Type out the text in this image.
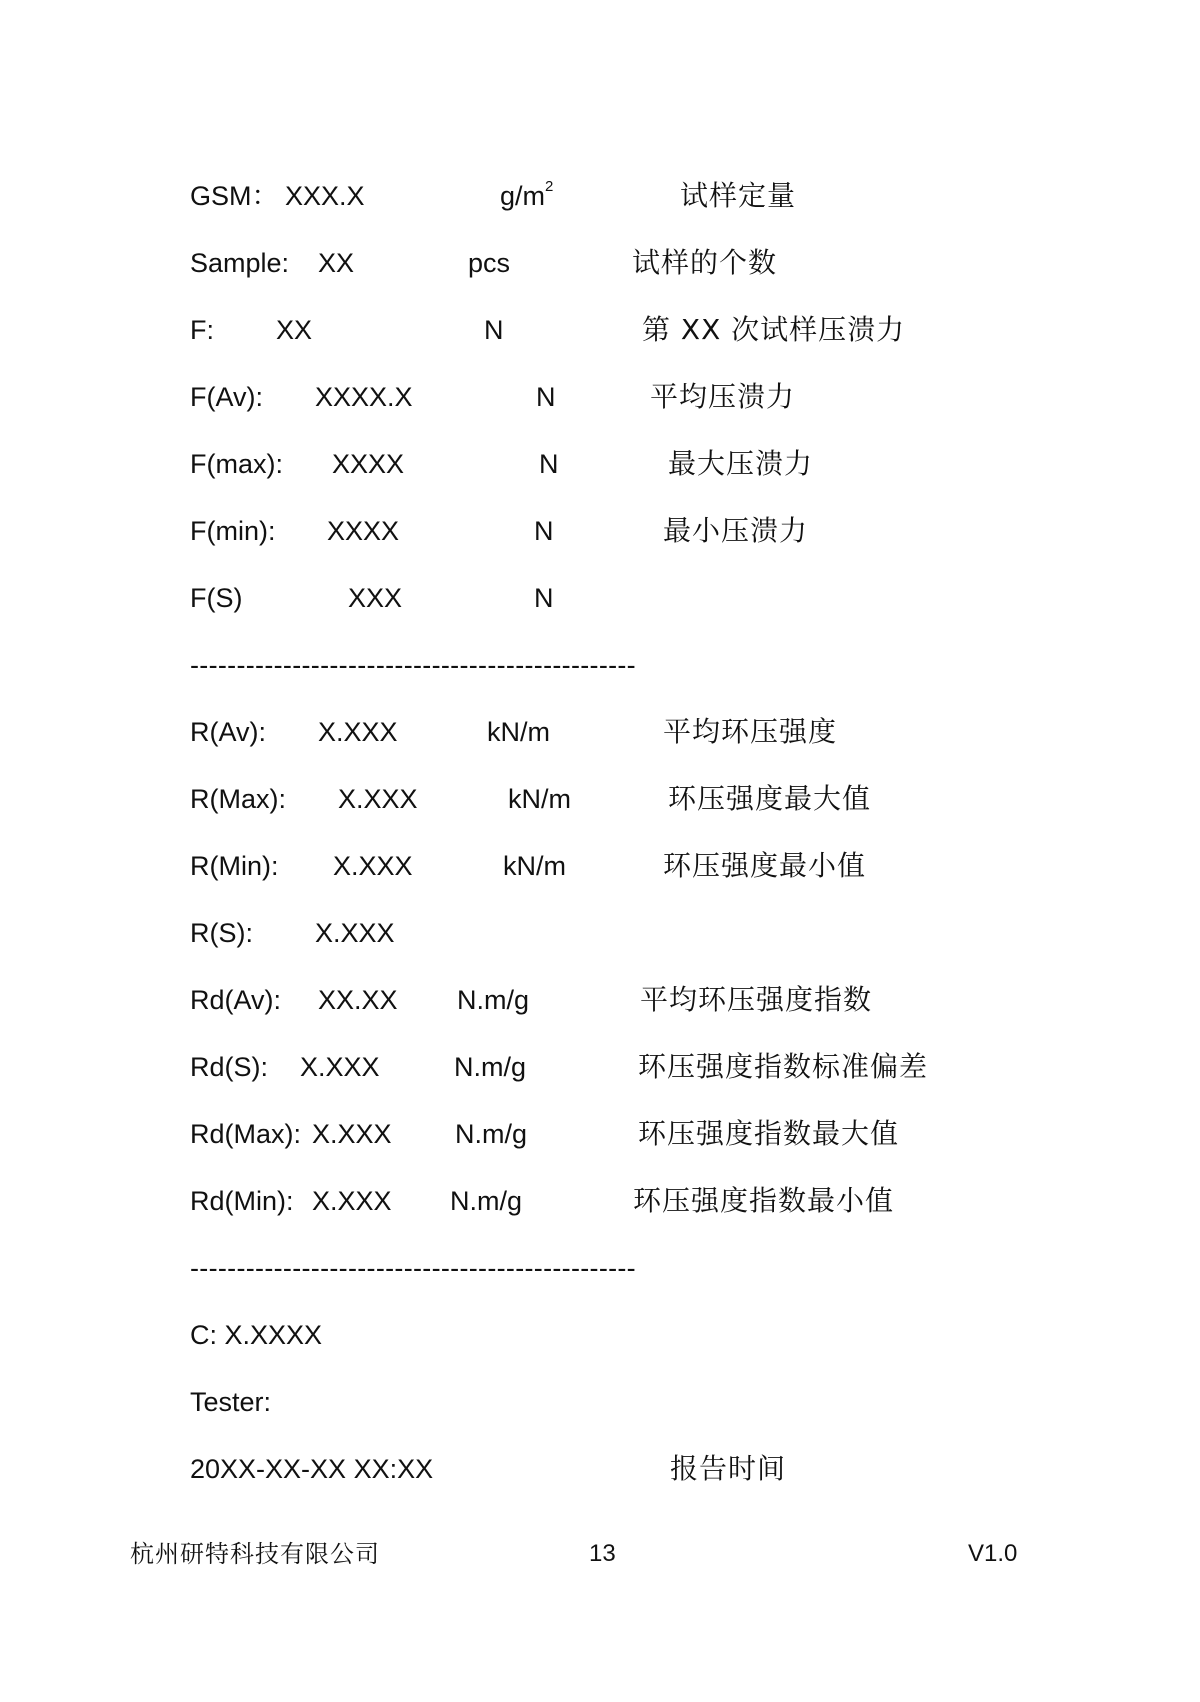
GSM： XXX.X	$g/m^2$	试样定量
Sample: XX	pcs	试样的个数
F: XX	N	第 XX 次试样压溃力
F(Av): XXXX.X	N	平均压溃力
F(max): XXXX	N	最大压溃力
F(min): XXXX	N	最小压溃力
F(S)	XXX	N
------------------------------------------------
R(Av): X.XXX	kN/m	平均环压强度
R(Max): X.XXX	kN/m	环压强度最大值
R(Min): X.XXX	kN/m	环压强度最小值
R(S): X.XXX
Rd(Av): XX.XX N.m/g	平均环压强度指数
Rd(S): X.XXX	N.m/g	环压强度指数标准偏差
Rd(Max): X.XXX N.m/g	环压强度指数最大值
Rd(Min): X.XXX N.m/g	环压强度指数最小值
------------------------------------------------
C: X.XXXX
Tester:
20XX-XX-XX XX:XX	报告时间
杭州研特科技有限公司	13	V1.0
